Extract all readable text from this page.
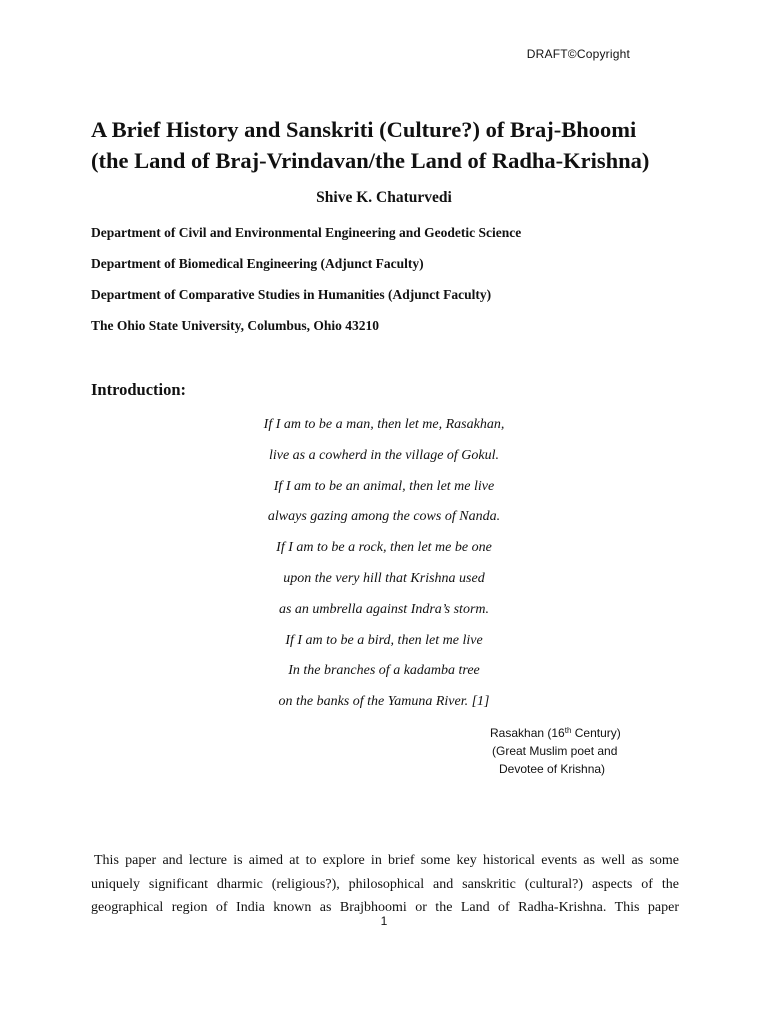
DRAFT©Copyright
A Brief History and Sanskriti (Culture?) of Braj-Bhoomi
(the Land of Braj-Vrindavan/the Land of Radha-Krishna)
Shive K. Chaturvedi
Department of Civil and Environmental Engineering and Geodetic Science
Department of Biomedical Engineering (Adjunct Faculty)
Department of Comparative Studies in Humanities (Adjunct Faculty)
The Ohio State University, Columbus, Ohio 43210
Introduction:
If I am to be a man, then let me, Rasakhan,
live as a cowherd in the village of Gokul.
If I am to be an animal, then let me live
always gazing among the cows of Nanda.
If I am to be a rock, then let me be one
upon the very hill that Krishna used
as an umbrella against Indra’s storm.
If I am to be a bird, then let me live
In the branches of a kadamba tree
on the banks of the Yamuna River. [1]
Rasakhan (16th Century)
(Great Muslim poet and
Devotee of Krishna)
This paper and lecture is aimed at to explore in brief some key historical events as well as some
uniquely significant dharmic (religious?), philosophical and sanskritic (cultural?) aspects of the
geographical region of India known as Brajbhoomi or the Land of Radha-Krishna. This paper
1
